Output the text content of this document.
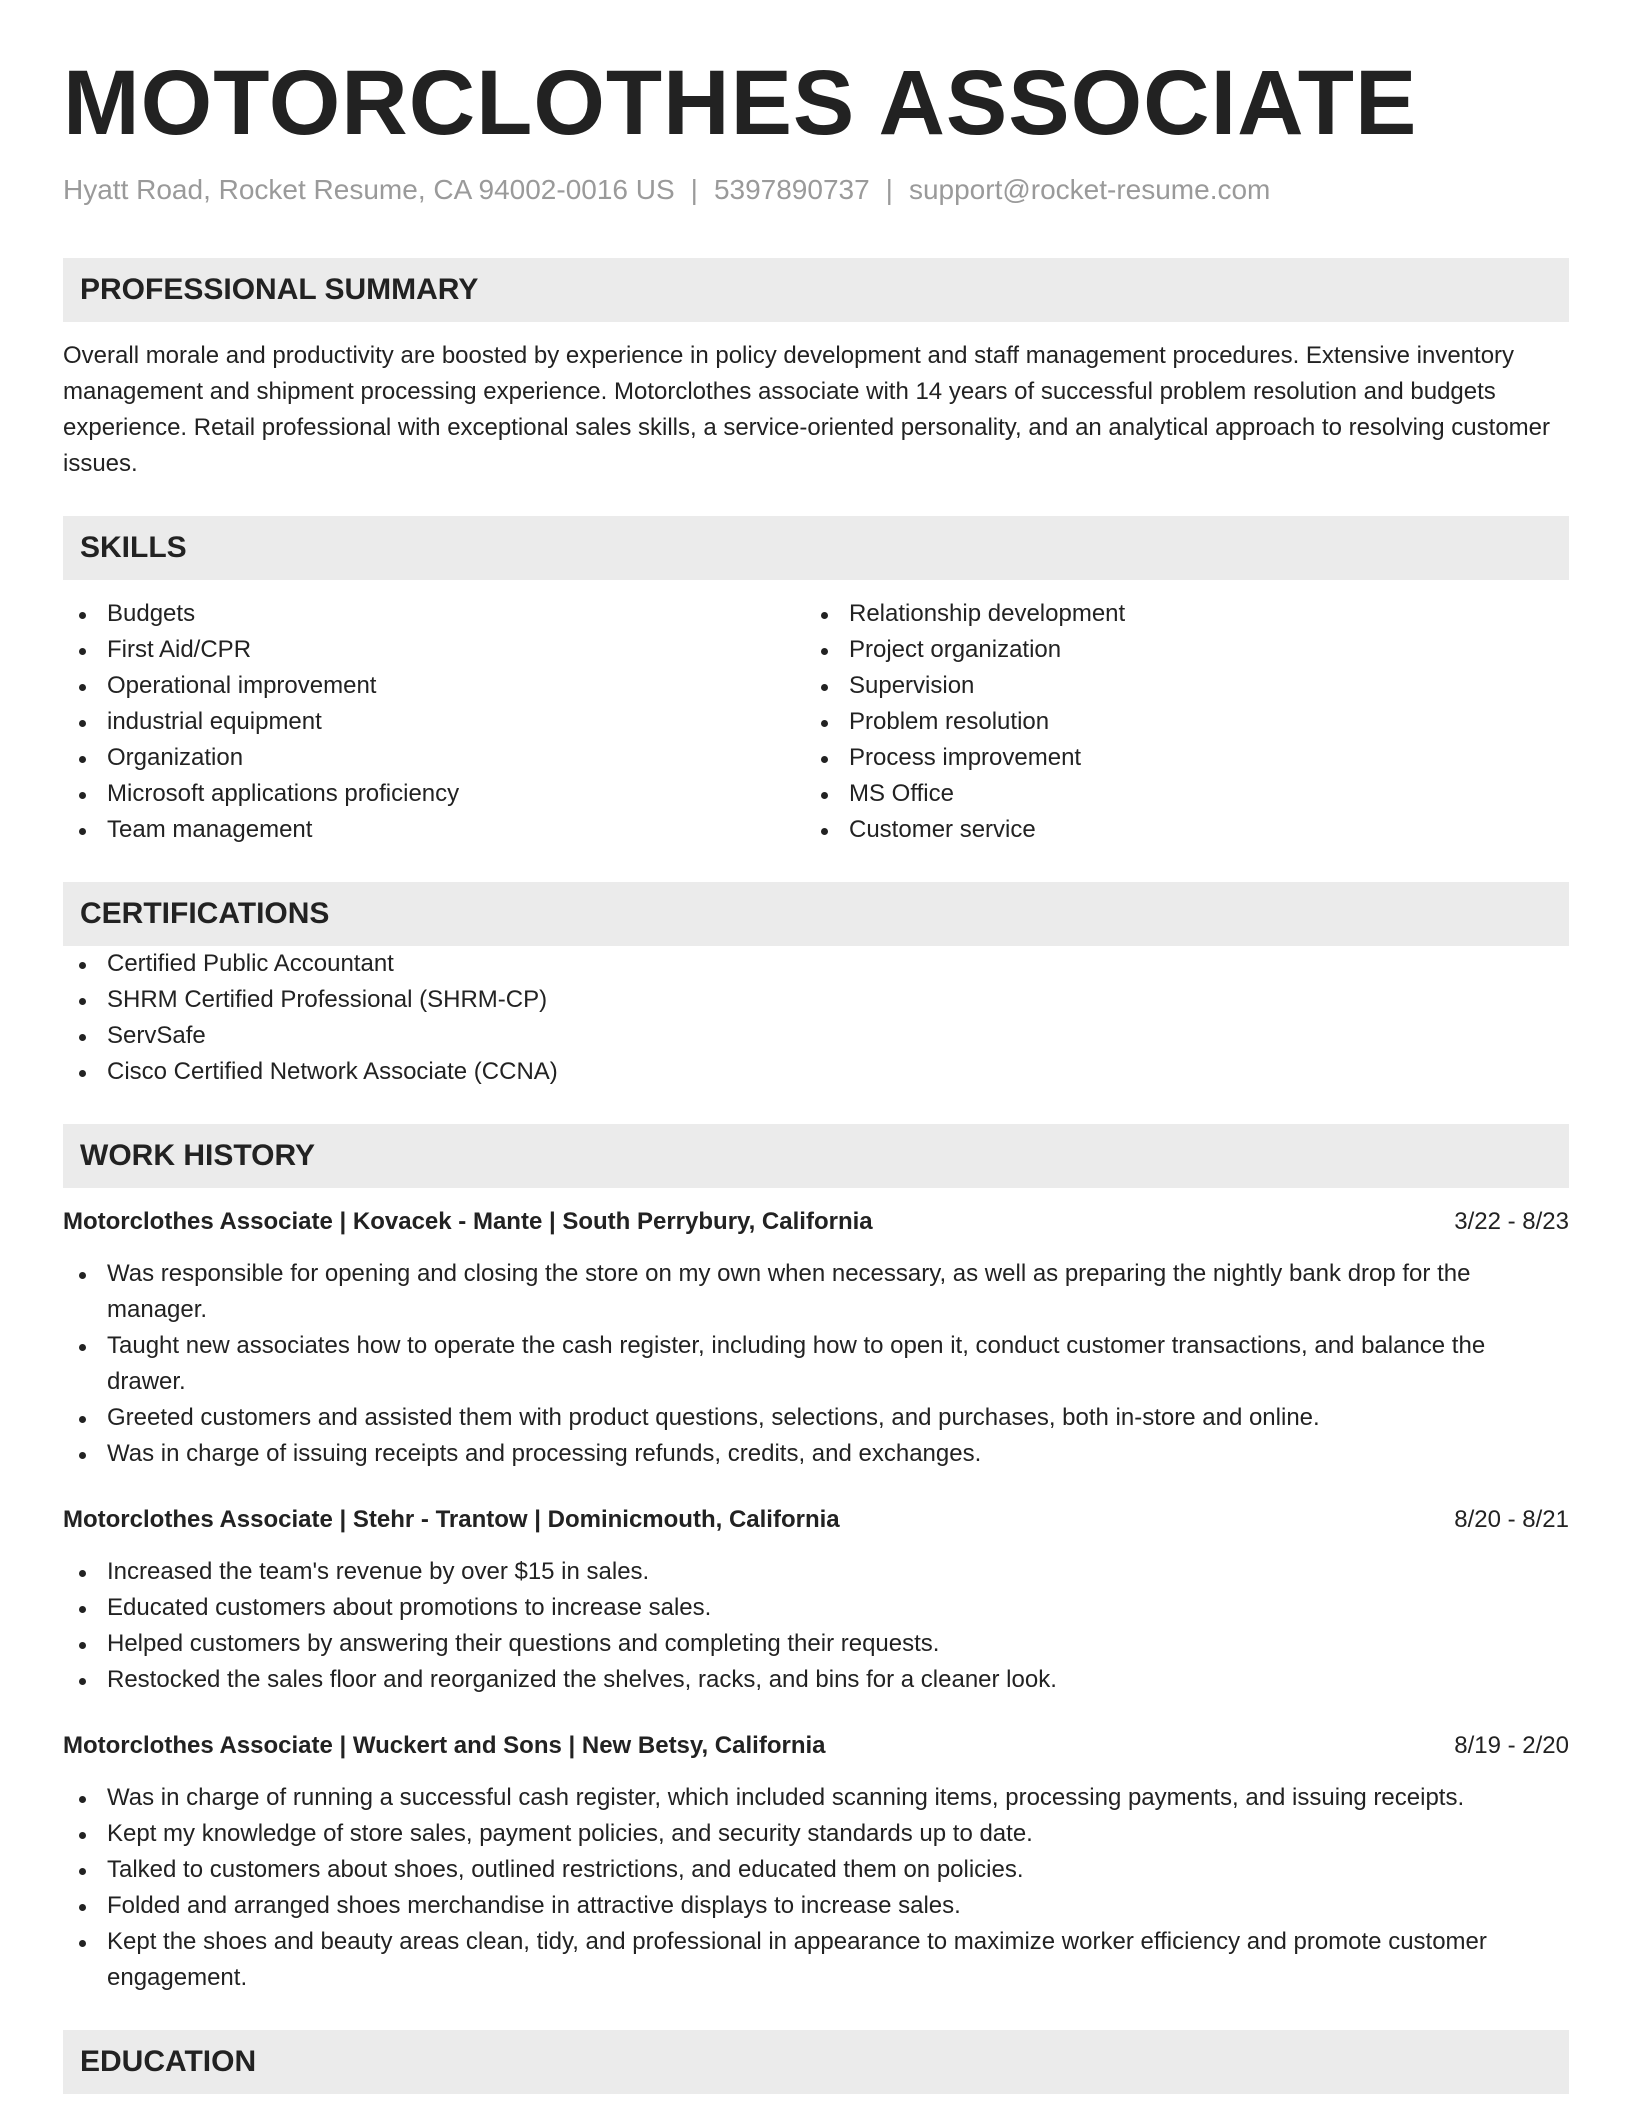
MOTORCLOTHES ASSOCIATE
Hyatt Road, Rocket Resume, CA 94002-0016 US | 5397890737 | support@rocket-resume.com
PROFESSIONAL SUMMARY

Overall morale and productivity are boosted by experience in policy development and staff management procedures. Extensive inventory management and shipment processing experience. Motorclothes associate with 14 years of successful problem resolution and budgets experience. Retail professional with exceptional sales skills, a service-oriented personality, and an analytical approach to resolving customer issues.

SKILLS
Budgets
First Aid/CPR
Operational improvement
industrial equipment
Organization
Microsoft applications proficiency
Team management
Relationship development
Project organization
Supervision
Problem resolution
Process improvement
MS Office
Customer service
CERTIFICATIONS
Certified Public Accountant
SHRM Certified Professional (SHRM-CP)
ServSafe
Cisco Certified Network Associate (CCNA)
WORK HISTORY
Motorclothes Associate | Kovacek - Mante | South Perrybury, California	3/22 - 8/23
Was responsible for opening and closing the store on my own when necessary, as well as preparing the nightly bank drop for the manager.
Taught new associates how to operate the cash register, including how to open it, conduct customer transactions, and balance the drawer.
Greeted customers and assisted them with product questions, selections, and purchases, both in-store and online.
Was in charge of issuing receipts and processing refunds, credits, and exchanges.
Motorclothes Associate | Stehr - Trantow | Dominicmouth, California	8/20 - 8/21
Increased the team's revenue by over $15 in sales.
Educated customers about promotions to increase sales.
Helped customers by answering their questions and completing their requests.
Restocked the sales floor and reorganized the shelves, racks, and bins for a cleaner look.
Motorclothes Associate | Wuckert and Sons | New Betsy, California	8/19 - 2/20
Was in charge of running a successful cash register, which included scanning items, processing payments, and issuing receipts.
Kept my knowledge of store sales, payment policies, and security standards up to date.
Talked to customers about shoes, outlined restrictions, and educated them on policies.
Folded and arranged shoes merchandise in attractive displays to increase sales.
Kept the shoes and beauty areas clean, tidy, and professional in appearance to maximize worker efficiency and promote customer engagement.
EDUCATION
